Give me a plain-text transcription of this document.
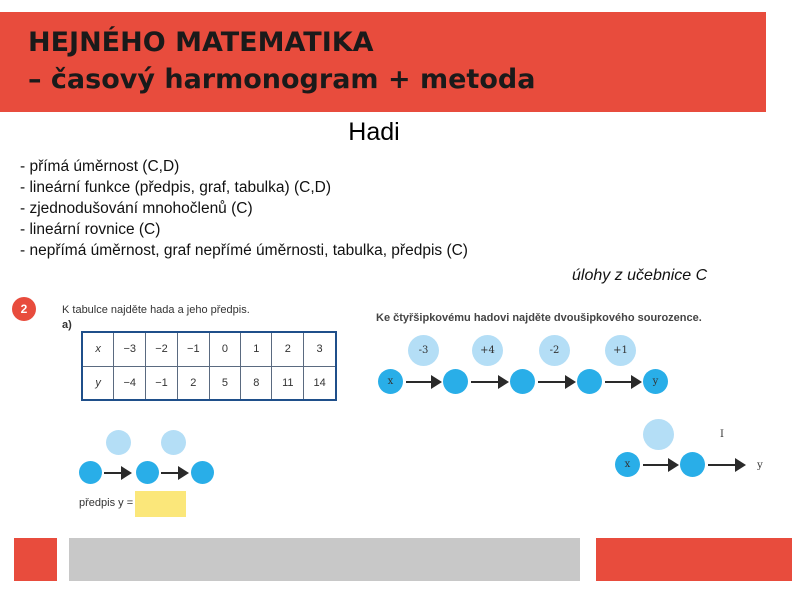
HEJNÉHO MATEMATIKA
– časový harmonogram + metoda
Hadi
- přímá úměrnost (C,D)
- lineární funkce (předpis, graf, tabulka) (C,D)
- zjednodušování mnohočlenů (C)
- lineární rovnice (C)
- nepřímá úměrnost, graf nepřímé úměrnosti, tabulka, předpis (C)
úlohy z učebnice C
2	K tabulce najděte hada a jeho předpis.
a)
x	−3	−2	−1	0	1	2	3
y	−4	−1	2	5	8	11	14
předpis y =
Ke čtyřšipkovému hadovi najděte dvoušipkového sourozence.
-3	+4	-2	+1
x	y
I
x	y
